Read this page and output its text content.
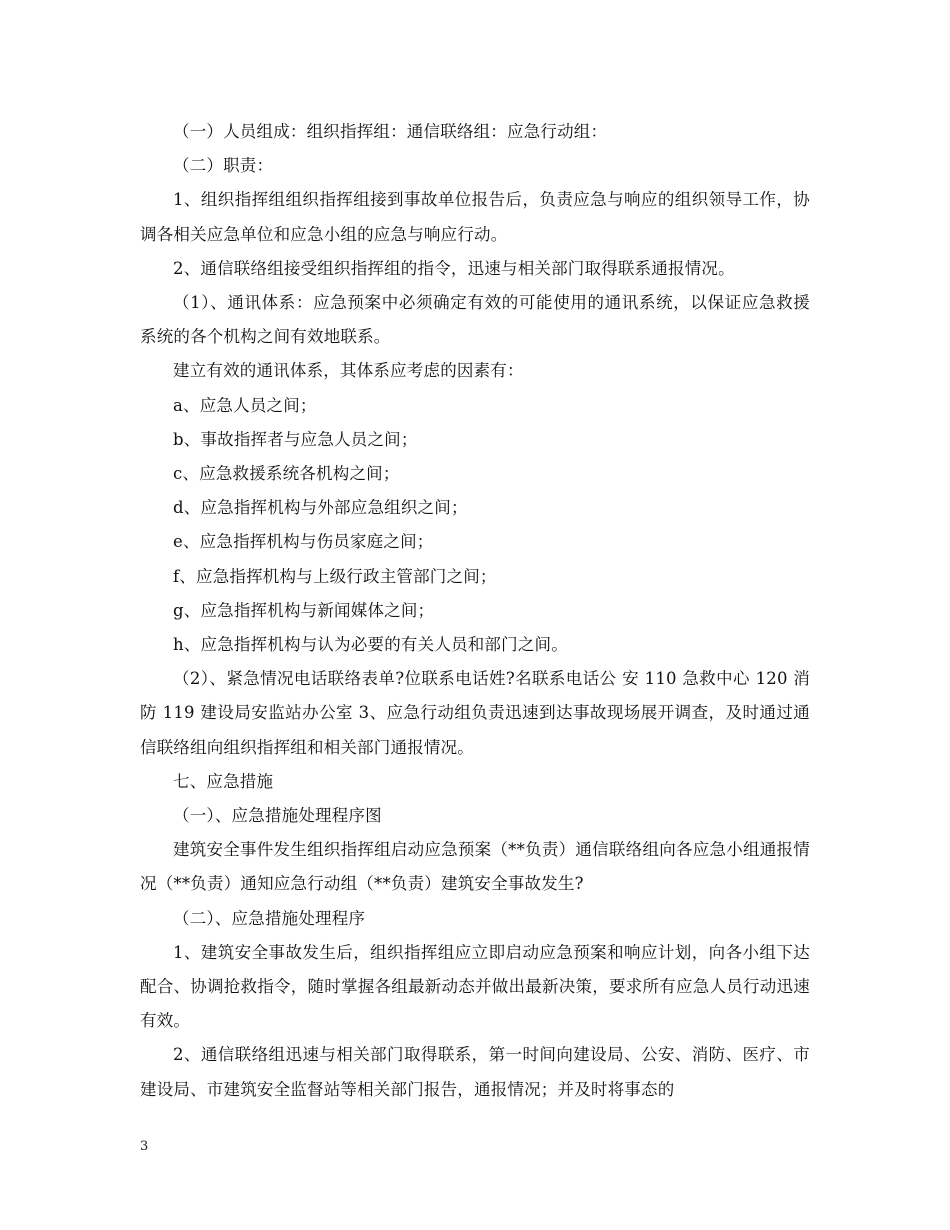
（一）人员组成：组织指挥组：通信联络组：应急行动组：

（二）职责：

1、组织指挥组组织指挥组接到事故单位报告后，负责应急与响应的组织领导工作，协调各相关应急单位和应急小组的应急与响应行动。

2、通信联络组接受组织指挥组的指令，迅速与相关部门取得联系通报情况。

（1）、通讯体系：应急预案中必须确定有效的可能使用的通讯系统，以保证应急救援系统的各个机构之间有效地联系。

建立有效的通讯体系，其体系应考虑的因素有：

a、应急人员之间；

b、事故指挥者与应急人员之间；

c、应急救援系统各机构之间；

d、应急指挥机构与外部应急组织之间；

e、应急指挥机构与伤员家庭之间；

f、应急指挥机构与上级行政主管部门之间；

g、应急指挥机构与新闻媒体之间；

h、应急指挥机构与认为必要的有关人员和部门之间。

（2）、紧急情况电话联络表单?位联系电话姓?名联系电话公 安 110 急救中心 120 消 防 119 建设局安监站办公室 3、应急行动组负责迅速到达事故现场展开调查，及时通过通信联络组向组织指挥组和相关部门通报情况。

七、应急措施

（一）、应急措施处理程序图

建筑安全事件发生组织指挥组启动应急预案（**负责）通信联络组向各应急小组通报情况（**负责）通知应急行动组（**负责）建筑安全事故发生?

（二）、应急措施处理程序

1、建筑安全事故发生后，组织指挥组应立即启动应急预案和响应计划，向各小组下达配合、协调抢救指令，随时掌握各组最新动态并做出最新决策，要求所有应急人员行动迅速有效。

2、通信联络组迅速与相关部门取得联系，第一时间向建设局、公安、消防、医疗、市建设局、市建筑安全监督站等相关部门报告，通报情况；并及时将事态的

3
